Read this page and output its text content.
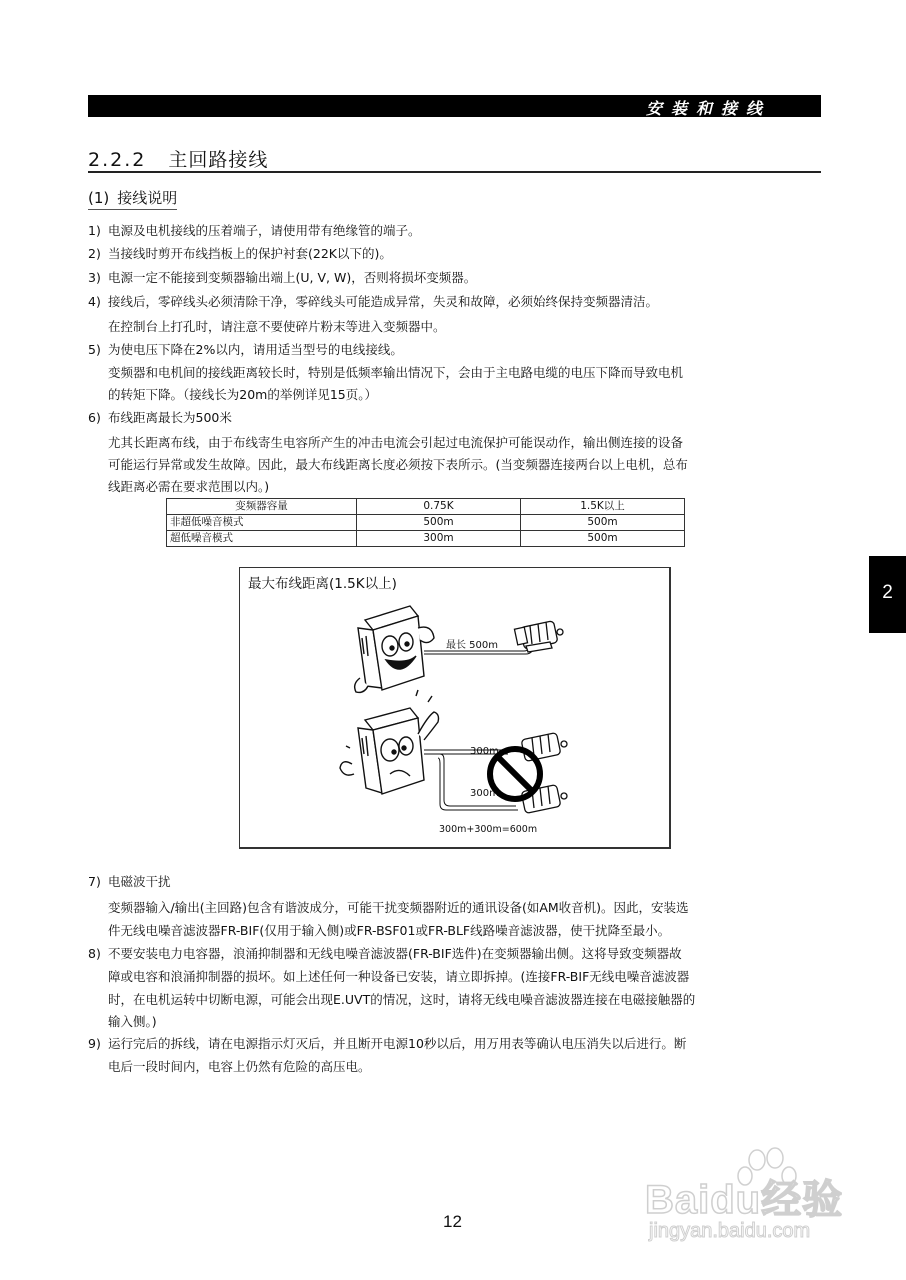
安装和接线
2.2.2 主回路接线
(1) 接线说明
1) 电源及电机接线的压着端子，请使用带有绝缘管的端子。
2) 当接线时剪开布线挡板上的保护衬套(22K以下的)。
3) 电源一定不能接到变频器输出端上(U, V, W)，否则将损坏变频器。
4) 接线后，零碎线头必须清除干净，零碎线头可能造成异常，失灵和故障，必须始终保持变频器清洁。
在控制台上打孔时，请注意不要使碎片粉末等进入变频器中。
5) 为使电压下降在2%以内，请用适当型号的电线接线。
变频器和电机间的接线距离较长时，特别是低频率输出情况下，会由于主电路电缆的电压下降而导致电机
的转矩下降。（接线长为20m的举例详见15页。）
6) 布线距离最长为500米
尤其长距离布线，由于布线寄生电容所产生的冲击电流会引起过电流保护可能误动作，输出侧连接的设备
可能运行异常或发生故障。因此，最大布线距离长度必须按下表所示。(当变频器连接两台以上电机，总布
线距离必需在要求范围以内。)
变频器容量	0.75K	1.5K以上
非超低噪音模式	500m	500m
超低噪音模式	300m	500m
最大布线距离(1.5K以上)
最长 500m
300m
300m
300m+300m=600m
7) 电磁波干扰
变频器输入/输出(主回路)包含有谐波成分，可能干扰变频器附近的通讯设备(如AM收音机)。因此，安装选
件无线电噪音滤波器FR-BIF(仅用于输入侧)或FR-BSF01或FR-BLF线路噪音滤波器，使干扰降至最小。
8) 不要安装电力电容器，浪涌抑制器和无线电噪音滤波器(FR-BIF选件)在变频器输出侧。这将导致变频器故
障或电容和浪涌抑制器的损坏。如上述任何一种设备已安装，请立即拆掉。(连接FR-BIF无线电噪音滤波器
时，在电机运转中切断电源，可能会出现E.UVT的情况，这时，请将无线电噪音滤波器连接在电磁接触器的
输入侧。)
9) 运行完后的拆线，请在电源指示灯灭后，并且断开电源10秒以后，用万用表等确认电压消失以后进行。断
电后一段时间内，电容上仍然有危险的高压电。
2
12	Baidu经验
jingyan.baidu.com
